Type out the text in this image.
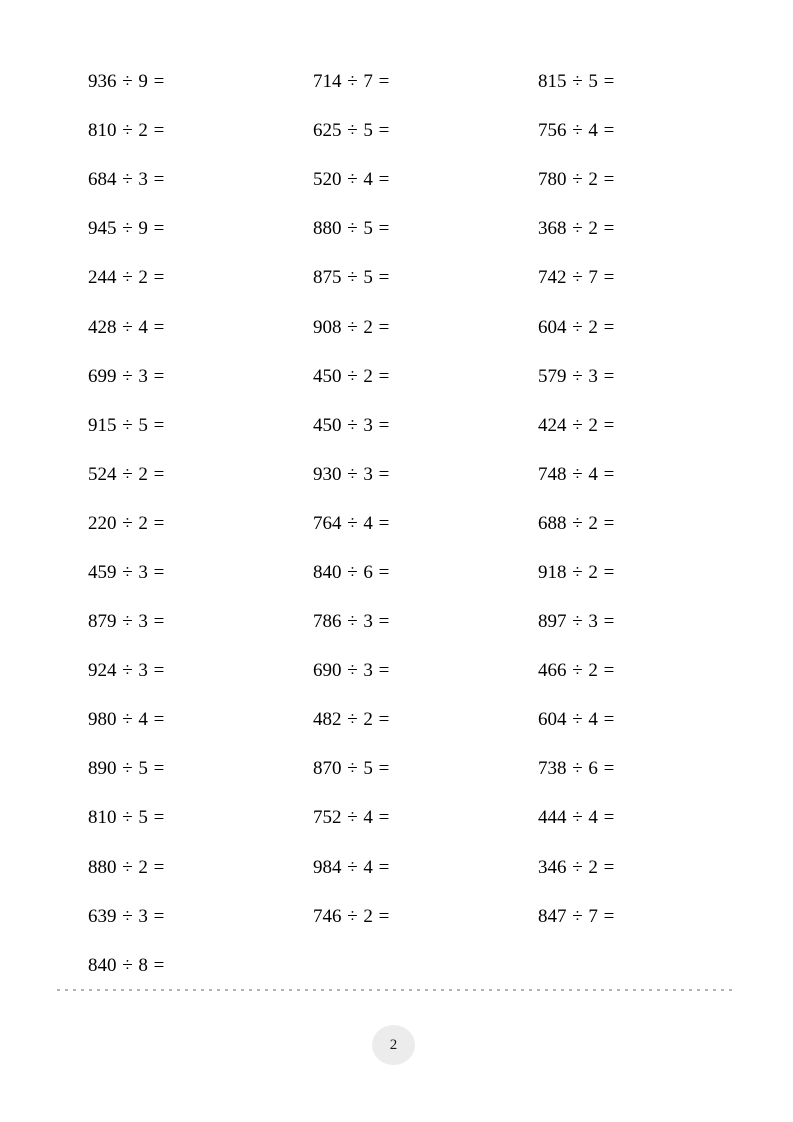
936 ÷ 9 =	714 ÷ 7 =	815 ÷ 5 =
810 ÷ 2 =	625 ÷ 5 =	756 ÷ 4 =
684 ÷ 3 =	520 ÷ 4 =	780 ÷ 2 =
945 ÷ 9 =	880 ÷ 5 =	368 ÷ 2 =
244 ÷ 2 =	875 ÷ 5 =	742 ÷ 7 =
428 ÷ 4 =	908 ÷ 2 =	604 ÷ 2 =
699 ÷ 3 =	450 ÷ 2 =	579 ÷ 3 =
915 ÷ 5 =	450 ÷ 3 =	424 ÷ 2 =
524 ÷ 2 =	930 ÷ 3 =	748 ÷ 4 =
220 ÷ 2 =	764 ÷ 4 =	688 ÷ 2 =
459 ÷ 3 =	840 ÷ 6 =	918 ÷ 2 =
879 ÷ 3 =	786 ÷ 3 =	897 ÷ 3 =
924 ÷ 3 =	690 ÷ 3 =	466 ÷ 2 =
980 ÷ 4 =	482 ÷ 2 =	604 ÷ 4 =
890 ÷ 5 =	870 ÷ 5 =	738 ÷ 6 =
810 ÷ 5 =	752 ÷ 4 =	444 ÷ 4 =
880 ÷ 2 =	984 ÷ 4 =	346 ÷ 2 =
639 ÷ 3 =	746 ÷ 2 =	847 ÷ 7 =
840 ÷ 8 =
2
